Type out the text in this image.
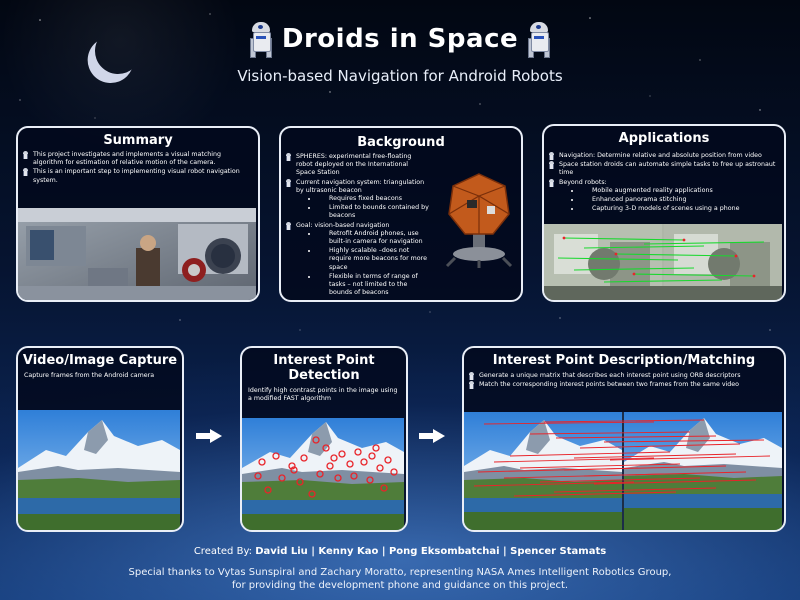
Droids in Space
Vision-based Navigation for Android Robots
Summary
This project investigates and implements a visual matching algorithm for estimation of relative motion of the camera.
This is an important step to implementing visual robot navigation system.
Background
SPHERES: experimental free-floating robot deployed on the International Space Station
Current navigation system: triangulation by ultrasonic beacon
• Requires fixed beacons
• Limited to bounds contained by beacons
Goal: vision-based navigation
• Retrofit Android phones, use built-in camera for navigation
• Highly scalable –does not require more beacons for more space
• Flexible in terms of range of tasks – not limited to the bounds of beacons
Applications
Navigation: Determine relative and absolute position from video
Space station droids can automate simple tasks to free up astronaut time
Beyond robots:
• Mobile augmented reality applications
• Enhanced panorama stitching
• Capturing 3-D models of scenes using a phone
Video/Image Capture

Capture frames from the Android camera

Interest Point Detection

Identify high contrast points in the image using a modified FAST algorithm

Interest Point Description/Matching
Generate a unique matrix that describes each interest point using ORB descriptors
Match the corresponding interest points between two frames from the same video
Created By: David Liu | Kenny Kao | Pong Eksombatchai | Spencer Stamats
Special thanks to Vytas Sunspiral and Zachary Moratto, representing NASA Ames Intelligent Robotics Group,
for providing the development phone and guidance on this project.
